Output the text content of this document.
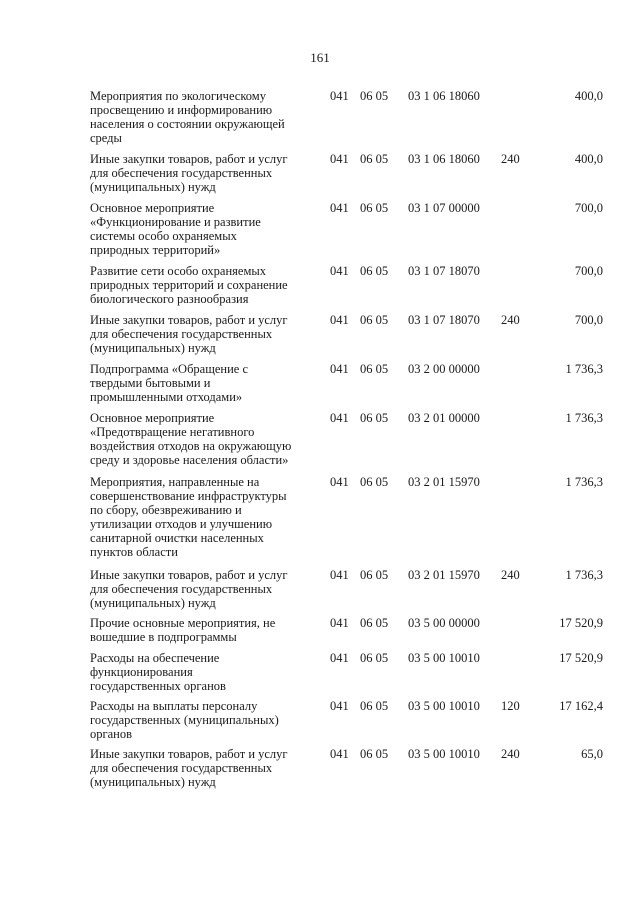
161
Мероприятия по экологическому
просвещению и информированию
населения о состоянии окружающей
среды
041 06 05 03 1 06 18060	400,0
Иные закупки товаров, работ и услуг
для обеспечения государственных
(муниципальных) нужд
041 06 05 03 1 06 18060 240	400,0
Основное мероприятие
«Функционирование и развитие
системы особо охраняемых
природных территорий»
041 06 05 03 1 07 00000	700,0
Развитие сети особо охраняемых
природных территорий и сохранение
биологического разнообразия
041 06 05 03 1 07 18070	700,0
Иные закупки товаров, работ и услуг
для обеспечения государственных
(муниципальных) нужд
041 06 05 03 1 07 18070 240	700,0
Подпрограмма «Обращение с
твердыми бытовыми и
промышленными отходами»
041 06 05 03 2 00 00000	1 736,3
Основное мероприятие
«Предотвращение негативного
воздействия отходов на окружающую
среду и здоровье населения области»
041 06 05 03 2 01 00000	1 736,3
Мероприятия, направленные на
совершенствование инфраструктуры
по сбору, обезвреживанию и
утилизации отходов и улучшению
санитарной очистки населенных
пунктов области
041 06 05 03 2 01 15970	1 736,3
Иные закупки товаров, работ и услуг
для обеспечения государственных
(муниципальных) нужд
041 06 05 03 2 01 15970 240	1 736,3
Прочие основные мероприятия, не
вошедшие в подпрограммы
041 06 05 03 5 00 00000	17 520,9
Расходы на обеспечение
функционирования
государственных органов
041 06 05 03 5 00 10010	17 520,9
Расходы на выплаты персоналу
государственных (муниципальных)
органов
041 06 05 03 5 00 10010 120	17 162,4
Иные закупки товаров, работ и услуг
для обеспечения государственных
(муниципальных) нужд
041 06 05 03 5 00 10010 240	65,0
